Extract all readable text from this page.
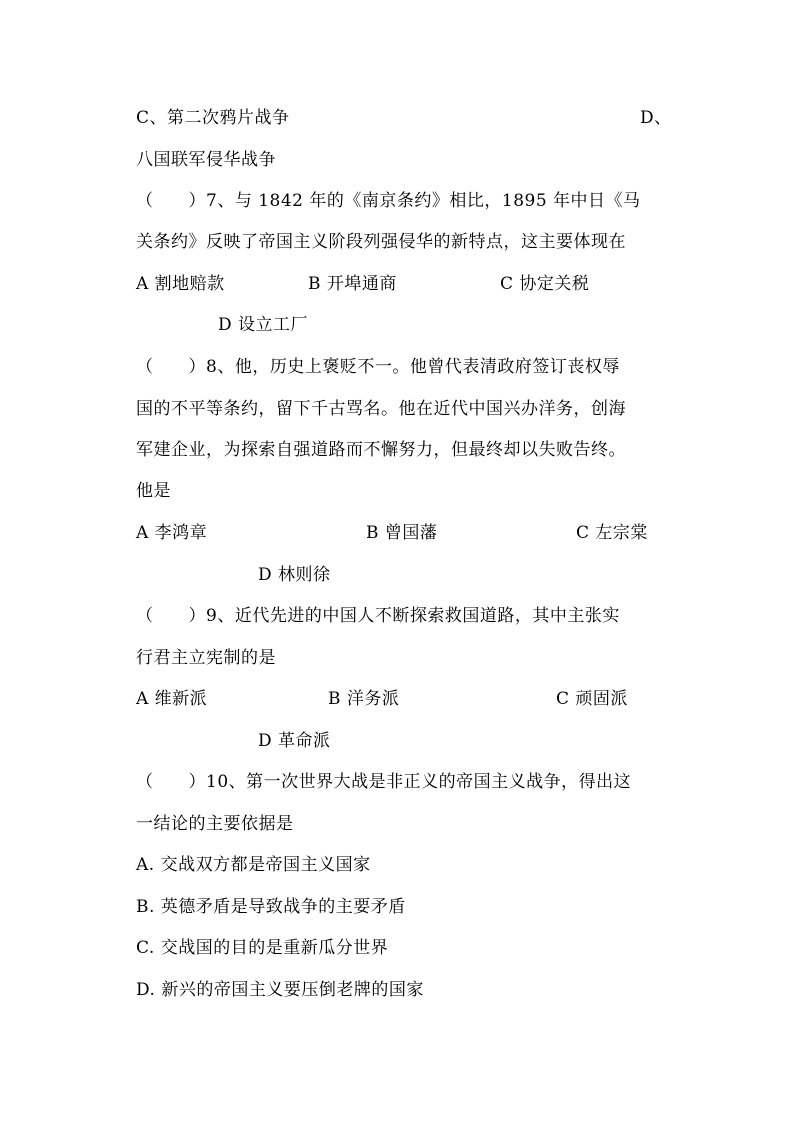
C、第二次鸦片战争	D、
八国联军侵华战争
（　　）7、与 1842 年的《南京条约》相比，1895 年中日《马
关条约》反映了帝国主义阶段列强侵华的新特点，这主要体现在
A 割地赔款	B 开埠通商	C 协定关税
D 设立工厂
（　　）8、他，历史上褒贬不一。他曾代表清政府签订丧权辱
国的不平等条约，留下千古骂名。他在近代中国兴办洋务，创海
军建企业，为探索自强道路而不懈努力，但最终却以失败告终。
他是
A 李鸿章	B 曾国藩	C 左宗棠
D 林则徐
（　　）9、近代先进的中国人不断探索救国道路，其中主张实
行君主立宪制的是
A 维新派	B 洋务派	C 顽固派
D 革命派
（　　）10、第一次世界大战是非正义的帝国主义战争，得出这
一结论的主要依据是
A. 交战双方都是帝国主义国家
B. 英德矛盾是导致战争的主要矛盾
C. 交战国的目的是重新瓜分世界
D. 新兴的帝国主义要压倒老牌的国家
